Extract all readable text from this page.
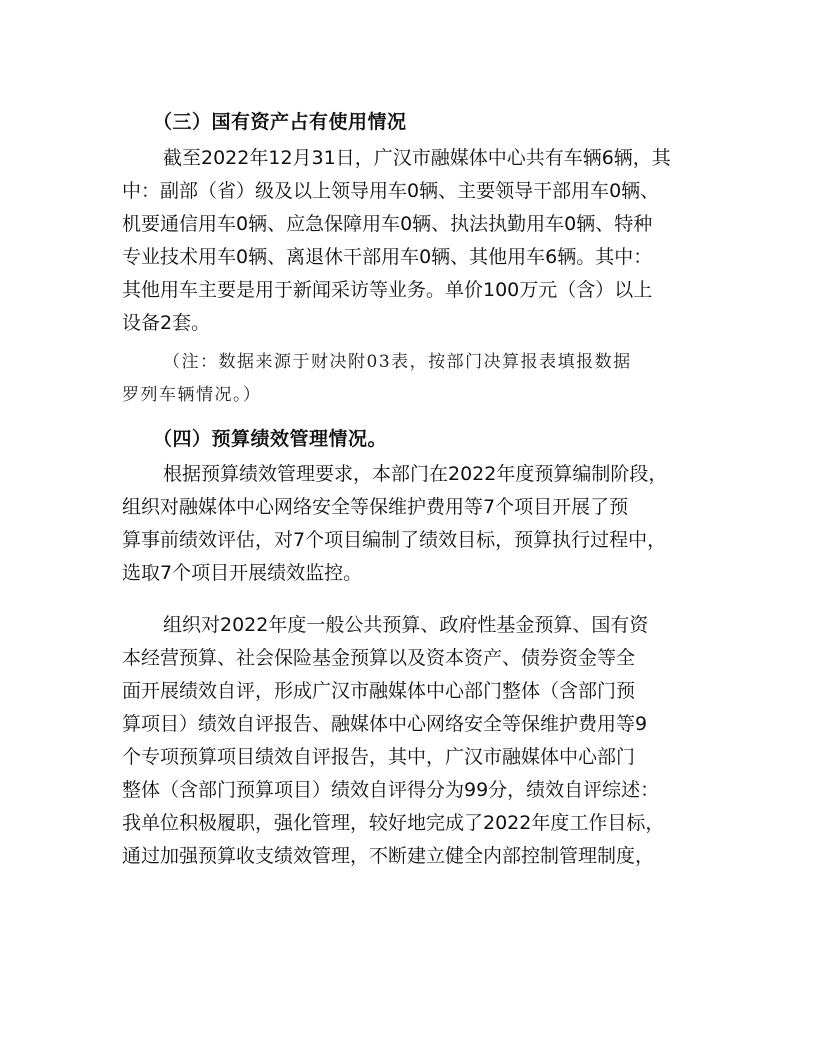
（三）国有资产占有使用情况
截至2022年12月31日，广汉市融媒体中心共有车辆6辆，其
中：副部（省）级及以上领导用车0辆、主要领导干部用车0辆、
机要通信用车0辆、应急保障用车0辆、执法执勤用车0辆、特种
专业技术用车0辆、离退休干部用车0辆、其他用车6辆。其中：
其他用车主要是用于新闻采访等业务。单价100万元（含）以上
设备2套。
（注：数据来源于财决附03表，按部门决算报表填报数据
罗列车辆情况。）
（四）预算绩效管理情况。
根据预算绩效管理要求，本部门在2022年度预算编制阶段，
组织对融媒体中心网络安全等保维护费用等7个项目开展了预
算事前绩效评估，对7个项目编制了绩效目标，预算执行过程中，
选取7个项目开展绩效监控。
组织对2022年度一般公共预算、政府性基金预算、国有资
本经营预算、社会保险基金预算以及资本资产、债券资金等全
面开展绩效自评，形成广汉市融媒体中心部门整体（含部门预
算项目）绩效自评报告、融媒体中心网络安全等保维护费用等9
个专项预算项目绩效自评报告，其中，广汉市融媒体中心部门
整体（含部门预算项目）绩效自评得分为99分，绩效自评综述：
我单位积极履职，强化管理，较好地完成了2022年度工作目标，
通过加强预算收支绩效管理，不断建立健全内部控制管理制度，
